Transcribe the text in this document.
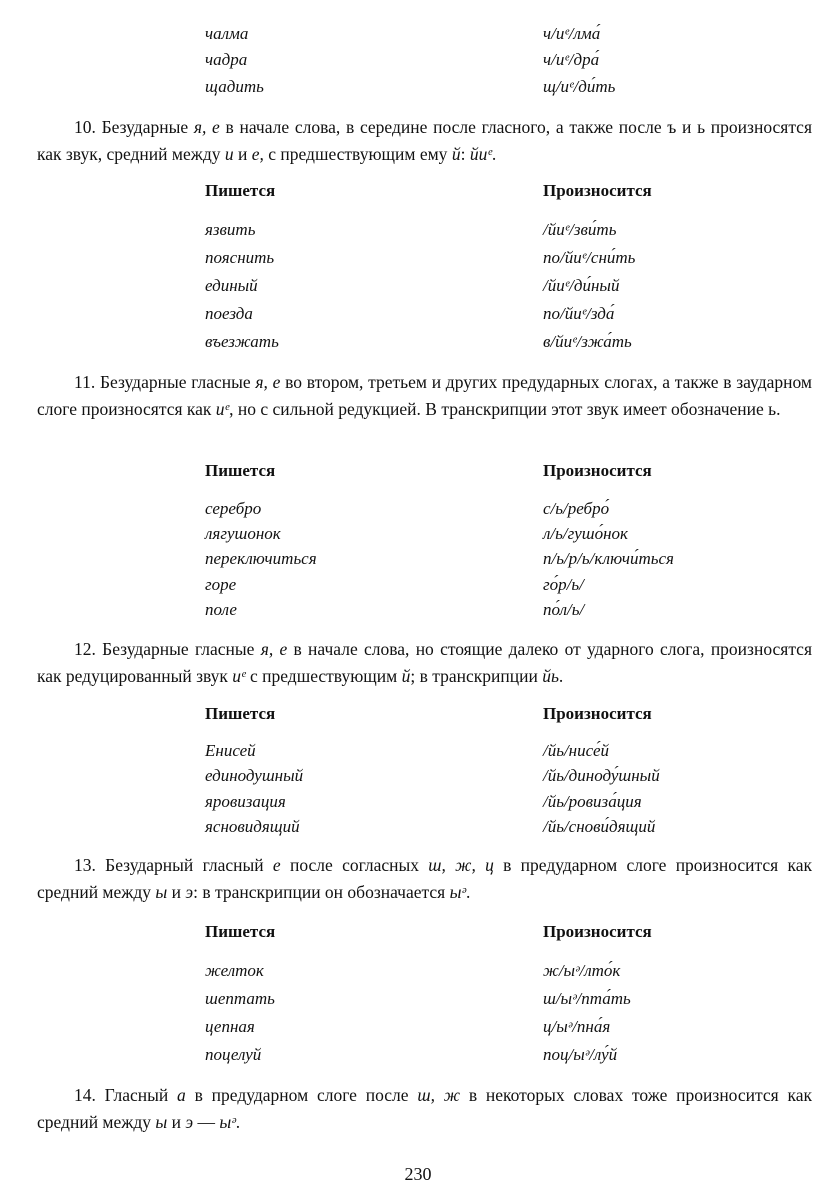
чалма	ч/иᵉ/лма́
чадра	ч/иᵉ/дра́
щадить	щ/иᵉ/ди́ть
10. Безударные я, е в начале слова, в середине после гласного, а также после ъ и ь произносятся как звук, средний между и и е, с предшествующим ему й: йиᵉ.
Пишется	Произносится
язвить	/йиᵉ/зви́ть
пояснить	по/йиᵉ/сни́ть
единый	/йиᵉ/ди́ный
поезда	по/йиᵉ/зда́
въезжать	в/йиᵉ/зжа́ть
11. Безударные гласные я, е во втором, третьем и других предударных слогах, а также в заударном слоге произносятся как иᵉ, но с сильной редукцией. В транскрипции этот звук имеет обозначение ь.
Пишется	Произносится
серебро	с/ь/ребро́
лягушонок	л/ь/гушо́нок
переключиться	п/ь/р/ь/ключи́ться
горе	го́р/ь/
поле	по́л/ь/
12. Безударные гласные я, е в начале слова, но стоящие далеко от ударного слога, произносятся как редуцированный звук иᵉ с предшествующим й; в транскрипции йь.
Пишется	Произносится
Енисей	/йь/нисе́й
единодушный	/йь/диноду́шный
яровизация	/йь/ровиза́ция
ясновидящий	/йь/снови́дящий
13. Безударный гласный е после согласных ш, ж, ц в предударном слоге произносится как средний между ы и э: в транскрипции он обозначается ыᵊ.
Пишется	Произносится
желток	ж/ыᵊ/лто́к
шептать	ш/ыᵊ/пта́ть
цепная	ц/ыᵊ/пна́я
поцелуй	поц/ыᵊ/лу́й
14. Гласный а в предударном слоге после ш, ж в некоторых словах тоже произносится как средний между ы и э — ыᵊ.
230
